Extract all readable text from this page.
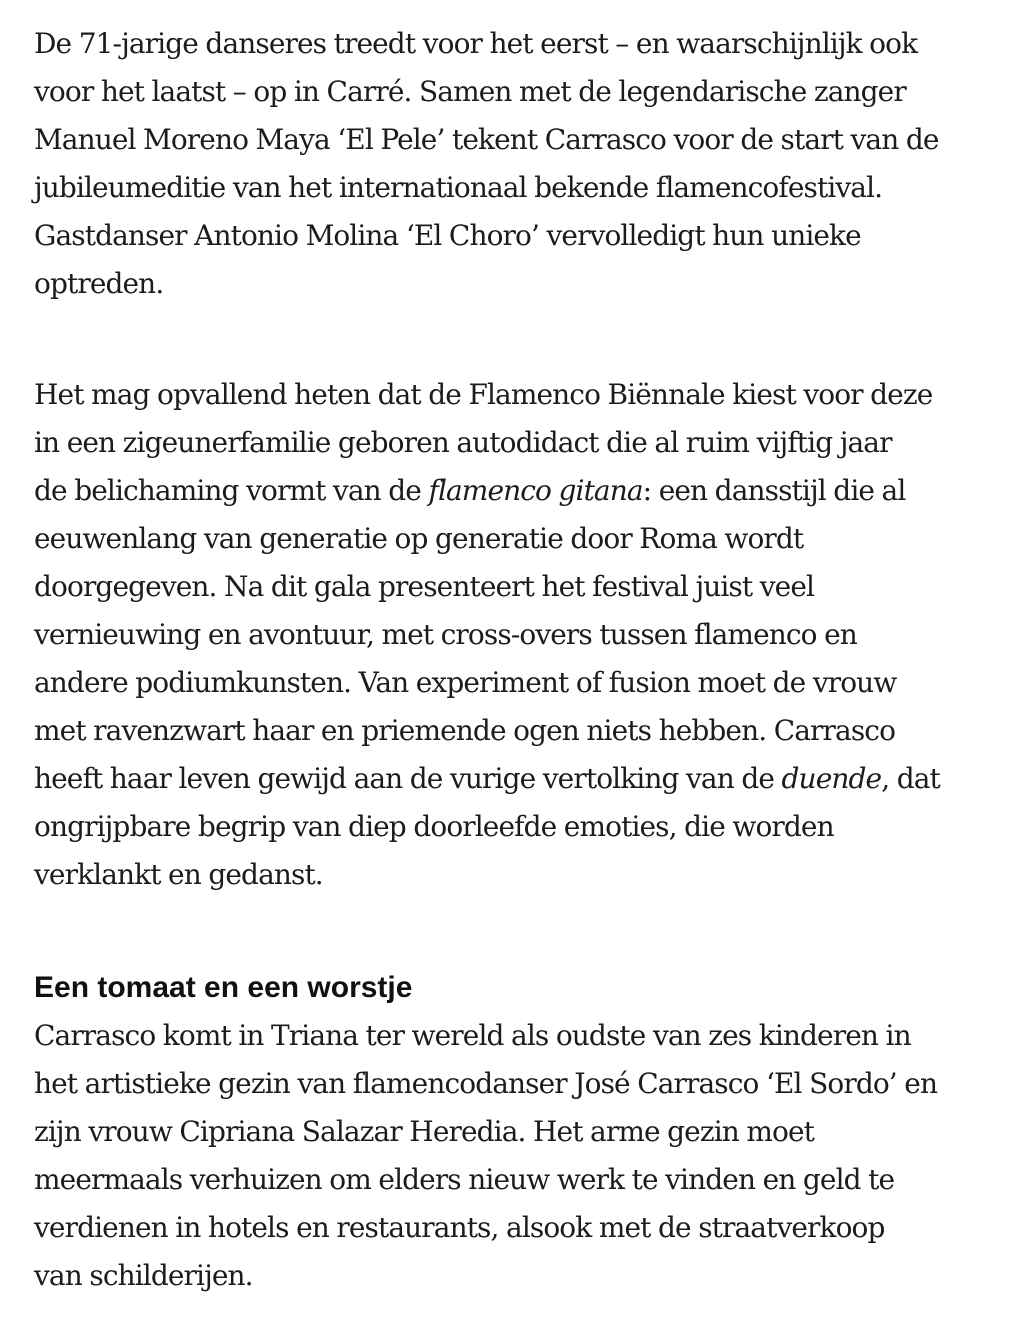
De 71-jarige danseres treedt voor het eerst – en waarschijnlijk ook
voor het laatst – op in Carré. Samen met de legendarische zanger
Manuel Moreno Maya ‘El Pele’ tekent Carrasco voor de start van de
jubileumeditie van het internationaal bekende flamencofestival.
Gastdanser Antonio Molina ‘El Choro’ vervolledigt hun unieke
optreden.

Het mag opvallend heten dat de Flamenco Biënnale kiest voor deze
in een zigeunerfamilie geboren autodidact die al ruim vijftig jaar
de belichaming vormt van de flamenco gitana: een dansstijl die al
eeuwenlang van generatie op generatie door Roma wordt
doorgegeven. Na dit gala presenteert het festival juist veel
vernieuwing en avontuur, met cross-overs tussen flamenco en
andere podiumkunsten. Van experiment of fusion moet de vrouw
met ravenzwart haar en priemende ogen niets hebben. Carrasco
heeft haar leven gewijd aan de vurige vertolking van de duende, dat
ongrijpbare begrip van diep doorleefde emoties, die worden
verklankt en gedanst.

Een tomaat en een worstje

Carrasco komt in Triana ter wereld als oudste van zes kinderen in
het artistieke gezin van flamencodanser José Carrasco ‘El Sordo’ en
zijn vrouw Cipriana Salazar Heredia. Het arme gezin moet
meermaals verhuizen om elders nieuw werk te vinden en geld te
verdienen in hotels en restaurants, alsook met de straatverkoop
van schilderijen.
